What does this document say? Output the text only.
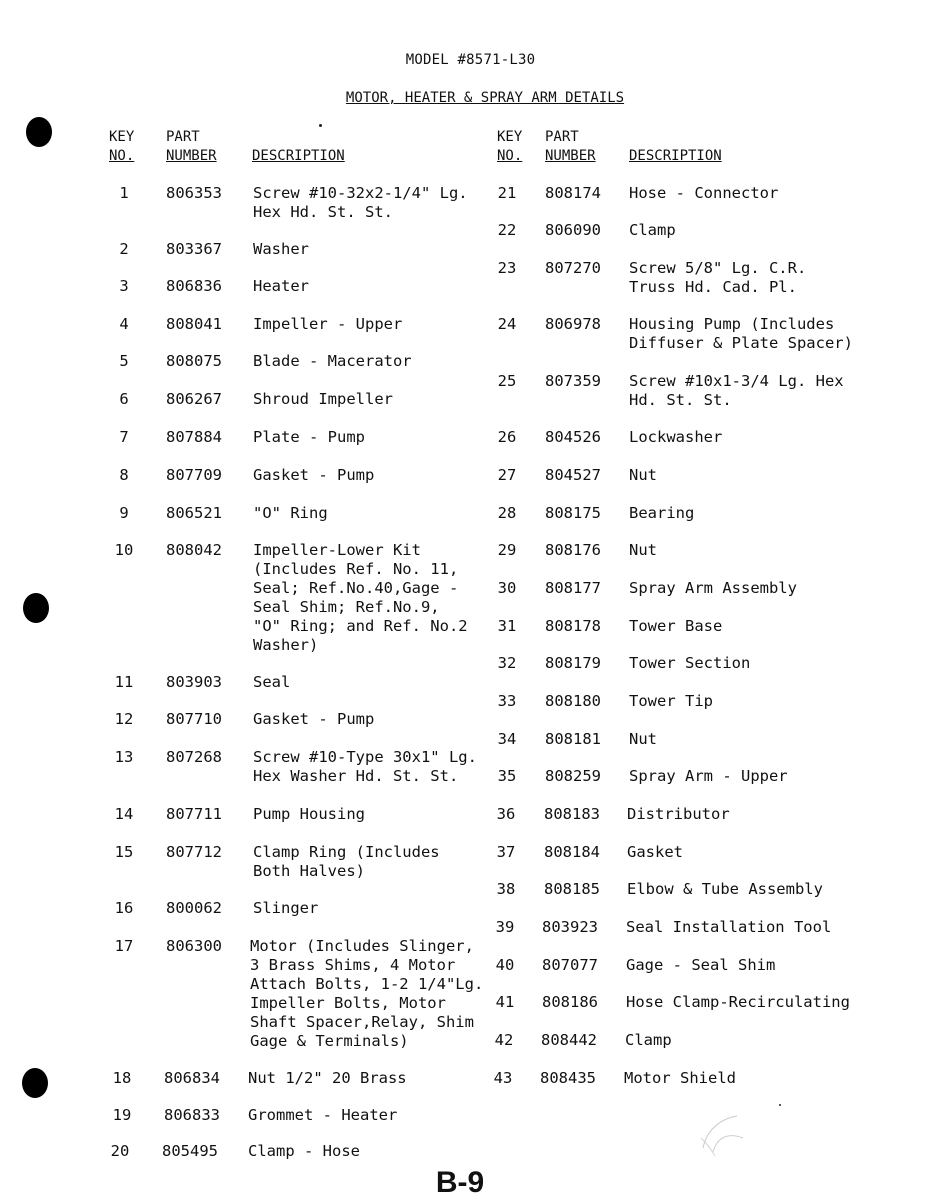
MODEL #8571-L30
MOTOR, HEATER & SPRAY ARM DETAILS
KEY
NO.
PART
NUMBER	DESCRIPTION
KEY
NO.
PART
NUMBER DESCRIPTION
1	806353 Screw #10-32x2-1/4" Lg.
Hex Hd. St. St.
2	803367 Washer
3	806836 Heater
4	808041 Impeller - Upper
5	808075 Blade - Macerator
6	806267 Shroud Impeller
7	807884 Plate - Pump
8	807709 Gasket - Pump
9	806521 "O" Ring
10	808042 Impeller-Lower Kit
(Includes Ref. No. 11,
Seal; Ref.No.40,Gage -
Seal Shim; Ref.No.9,
"O" Ring; and Ref. No.2
Washer)
11	803903 Seal
12	807710 Gasket - Pump
13	807268 Screw #10-Type 30x1" Lg.
Hex Washer Hd. St. St.
14	807711 Pump Housing
15	807712 Clamp Ring (Includes
Both Halves)
16	800062 Slinger
17	806300 Motor (Includes Slinger,
3 Brass Shims, 4 Motor
Attach Bolts, 1-2 1/4"Lg.
Impeller Bolts, Motor
Shaft Spacer,Relay, Shim
Gage & Terminals)
18	806834 Nut 1/2" 20 Brass
19	806833 Grommet - Heater
20	805495 Clamp - Hose
21	808174 Hose - Connector
22	806090 Clamp
23	807270 Screw 5/8" Lg. C.R.
Truss Hd. Cad. Pl.
24	806978 Housing Pump (Includes
Diffuser & Plate Spacer)
25	807359 Screw #10x1-3/4 Lg. Hex
Hd. St. St.
26	804526 Lockwasher
27	804527 Nut
28	808175 Bearing
29	808176 Nut
30	808177 Spray Arm Assembly
31	808178 Tower Base
32	808179 Tower Section
33	808180 Tower Tip
34	808181 Nut
35	808259 Spray Arm - Upper
36	808183 Distributor
37	808184 Gasket
38	808185 Elbow & Tube Assembly
39	803923 Seal Installation Tool
40	807077 Gage - Seal Shim
41	808186 Hose Clamp-Recirculating
42	808442 Clamp
43	808435 Motor Shield
B-9
